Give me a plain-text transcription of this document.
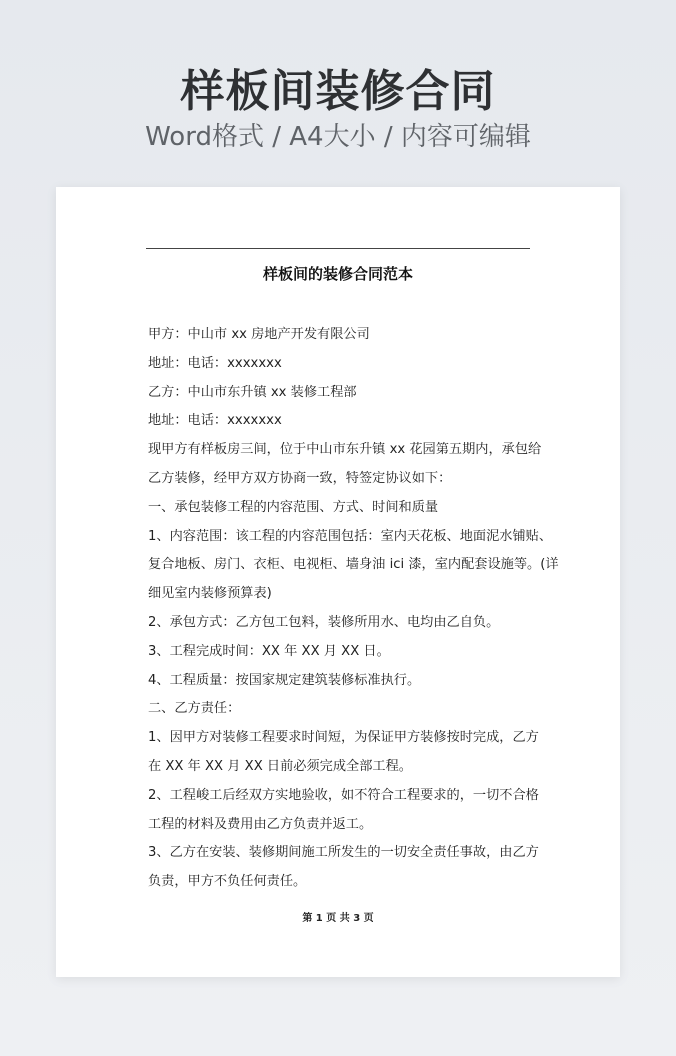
样板间装修合同
Word格式 / A4大小 / 内容可编辑
样板间的装修合同范本

甲方：中山市 xx 房地产开发有限公司

地址：电话：xxxxxxx

乙方：中山市东升镇 xx 装修工程部

地址：电话：xxxxxxx

现甲方有样板房三间，位于中山市东升镇 xx 花园第五期内，承包给

乙方装修，经甲方双方协商一致，特签定协议如下：

一、承包装修工程的内容范围、方式、时间和质量

1、内容范围：该工程的内容范围包括：室内天花板、地面泥水铺贴、

复合地板、房门、衣柜、电视柜、墙身油 ici 漆，室内配套设施等。(详

细见室内装修预算表)

2、承包方式：乙方包工包料，装修所用水、电均由乙自负。

3、工程完成时间：XX 年 XX 月 XX 日。

4、工程质量：按国家规定建筑装修标准执行。

二、乙方责任：

1、因甲方对装修工程要求时间短，为保证甲方装修按时完成，乙方

在 XX 年 XX 月 XX 日前必须完成全部工程。

2、工程峻工后经双方实地验收，如不符合工程要求的，一切不合格

工程的材料及费用由乙方负责并返工。

3、乙方在安装、装修期间施工所发生的一切安全责任事故，由乙方

负责，甲方不负任何责任。

第 1 页 共 3 页
